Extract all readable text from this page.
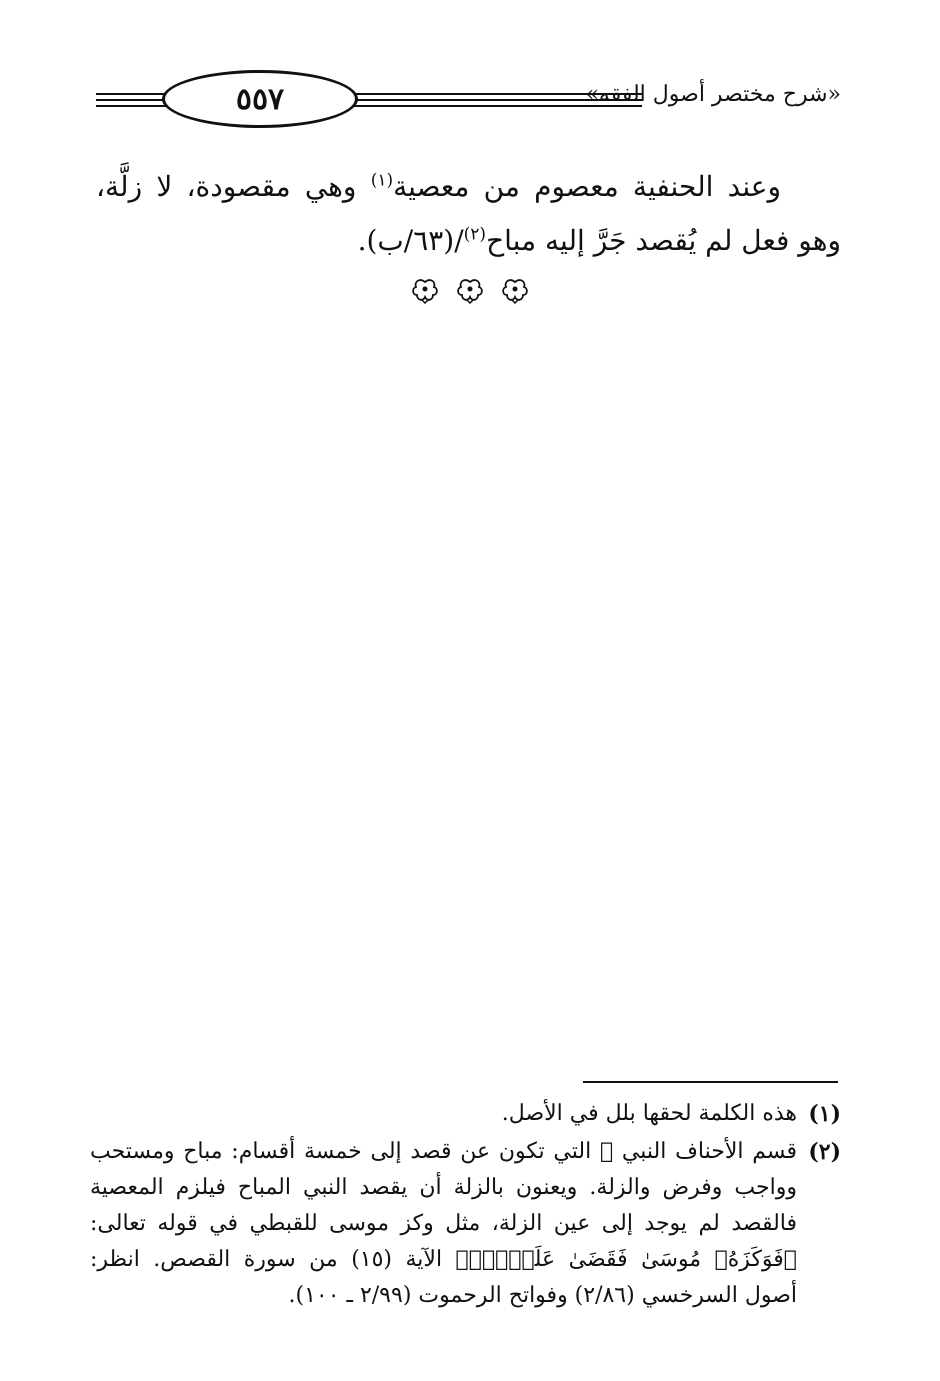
٥٥٧	«شرح مختصر أصول الفقه»

وعند الحنفية معصوم من معصية$^{(١)}$ وهي مقصودة، لا زلَّة، وهو فعل لم يُقصد جَرَّ إليه مباح$^{(٢)}$/(٦٣/ب).

(١)
هذه الكلمة لحقها بلل في الأصل.
(٢)
قسم الأحناف النبي ﷺ التي تكون عن قصد إلى خمسة أقسام: مباح ومستحب وواجب وفرض والزلة. ويعنون بالزلة أن يقصد النبي المباح فيلزم المعصية فالقصد لم يوجد إلى عين الزلة، مثل وكز موسى للقبطي في قوله تعالى: ﴿فَوَكَزَهُۥ مُوسَىٰ فَقَضَىٰ عَلَيۡهِۖ﴾ الآية (١٥) من سورة القصص. انظر: أصول السرخسي (٢/٨٦) وفواتح الرحموت (٢/٩٩ ـ ١٠٠).
